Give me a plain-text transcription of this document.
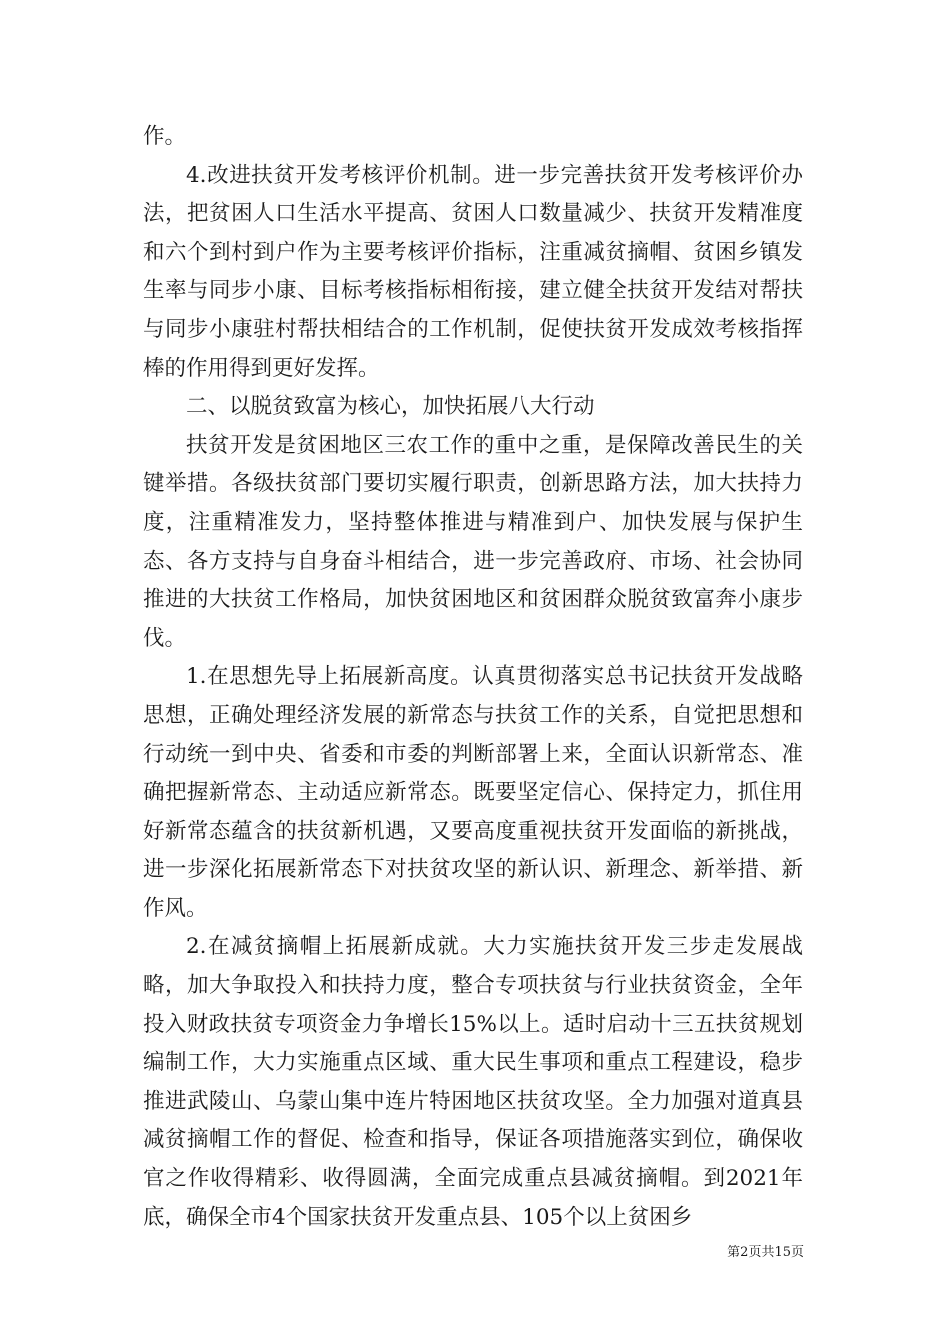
作。

4.改进扶贫开发考核评价机制。进一步完善扶贫开发考核评价办法，把贫困人口生活水平提高、贫困人口数量减少、扶贫开发精准度和六个到村到户作为主要考核评价指标，注重减贫摘帽、贫困乡镇发生率与同步小康、目标考核指标相衔接，建立健全扶贫开发结对帮扶与同步小康驻村帮扶相结合的工作机制，促使扶贫开发成效考核指挥棒的作用得到更好发挥。

二、以脱贫致富为核心，加快拓展八大行动

扶贫开发是贫困地区三农工作的重中之重，是保障改善民生的关键举措。各级扶贫部门要切实履行职责，创新思路方法，加大扶持力度，注重精准发力，坚持整体推进与精准到户、加快发展与保护生态、各方支持与自身奋斗相结合，进一步完善政府、市场、社会协同推进的大扶贫工作格局，加快贫困地区和贫困群众脱贫致富奔小康步伐。

1.在思想先导上拓展新高度。认真贯彻落实总书记扶贫开发战略思想，正确处理经济发展的新常态与扶贫工作的关系，自觉把思想和行动统一到中央、省委和市委的判断部署上来，全面认识新常态、准确把握新常态、主动适应新常态。既要坚定信心、保持定力，抓住用好新常态蕴含的扶贫新机遇，又要高度重视扶贫开发面临的新挑战，进一步深化拓展新常态下对扶贫攻坚的新认识、新理念、新举措、新作风。

2.在减贫摘帽上拓展新成就。大力实施扶贫开发三步走发展战略，加大争取投入和扶持力度，整合专项扶贫与行业扶贫资金，全年投入财政扶贫专项资金力争增长15%以上。适时启动十三五扶贫规划编制工作，大力实施重点区域、重大民生事项和重点工程建设，稳步推进武陵山、乌蒙山集中连片特困地区扶贫攻坚。全力加强对道真县减贫摘帽工作的督促、检查和指导，保证各项措施落实到位，确保收官之作收得精彩、收得圆满，全面完成重点县减贫摘帽。到2021年底，确保全市4个国家扶贫开发重点县、105个以上贫困乡

第2页共15页
